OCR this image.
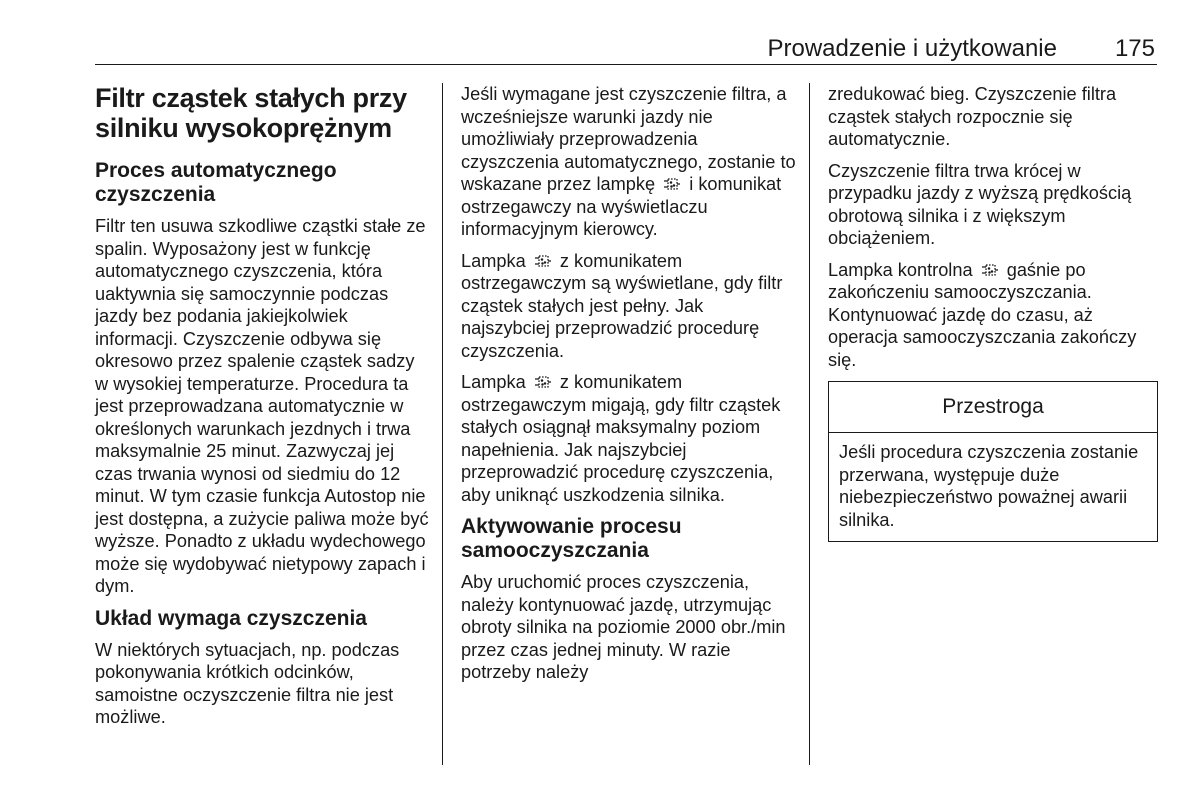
Prowadzenie i użytkowanie 175
Filtr cząstek stałych przy silniku wysokoprężnym
Proces automatycznego czyszczenia

Filtr ten usuwa szkodliwe cząstki stałe ze spalin. Wyposażony jest w funkcję automatycznego czyszczenia, która uaktywnia się samoczynnie podczas jazdy bez podania jakiejkolwiek informacji. Czyszczenie odbywa się okresowo przez spalenie cząstek sadzy w wysokiej temperaturze. Procedura ta jest przeprowadzana automatycznie w określonych warunkach jezdnych i trwa maksymalnie 25 minut. Zazwyczaj jej czas trwania wynosi od siedmiu do 12 minut. W tym czasie funkcja Autostop nie jest dostępna, a zużycie paliwa może być wyższe. Ponadto z układu wydechowego może się wydobywać nietypowy zapach i dym.

Układ wymaga czyszczenia

W niektórych sytuacjach, np. podczas pokonywania krótkich odcinków, samoistne oczyszczenie filtra nie jest możliwe.

Jeśli wymagane jest czyszczenie filtra, a wcześniejsze warunki jazdy nie umożliwiały przeprowadzenia czyszczenia automatycznego, zostanie to wskazane przez lampkę i komunikat ostrzegawczy na wyświetlaczu informacyjnym kierowcy.

Lampka z komunikatem ostrzegawczym są wyświetlane, gdy filtr cząstek stałych jest pełny. Jak najszybciej przeprowadzić procedurę czyszczenia.

Lampka z komunikatem ostrzegawczym migają, gdy filtr cząstek stałych osiągnął maksymalny poziom napełnienia. Jak najszybciej przeprowadzić procedurę czyszczenia, aby uniknąć uszkodzenia silnika.

Aktywowanie procesu samooczyszczania

Aby uruchomić proces czyszczenia, należy kontynuować jazdę, utrzymując obroty silnika na poziomie 2000 obr./min przez czas jednej minuty. W razie potrzeby należy

zredukować bieg. Czyszczenie filtra cząstek stałych rozpocznie się automatycznie.

Czyszczenie filtra trwa krócej w przypadku jazdy z wyższą prędkością obrotową silnika i z większym obciążeniem.

Lampka kontrolna gaśnie po zakończeniu samooczyszczania. Kontynuować jazdę do czasu, aż operacja samooczyszczania zakończy się.

Przestroga
Jeśli procedura czyszczenia zostanie przerwana, występuje duże niebezpieczeństwo poważnej awarii silnika.
